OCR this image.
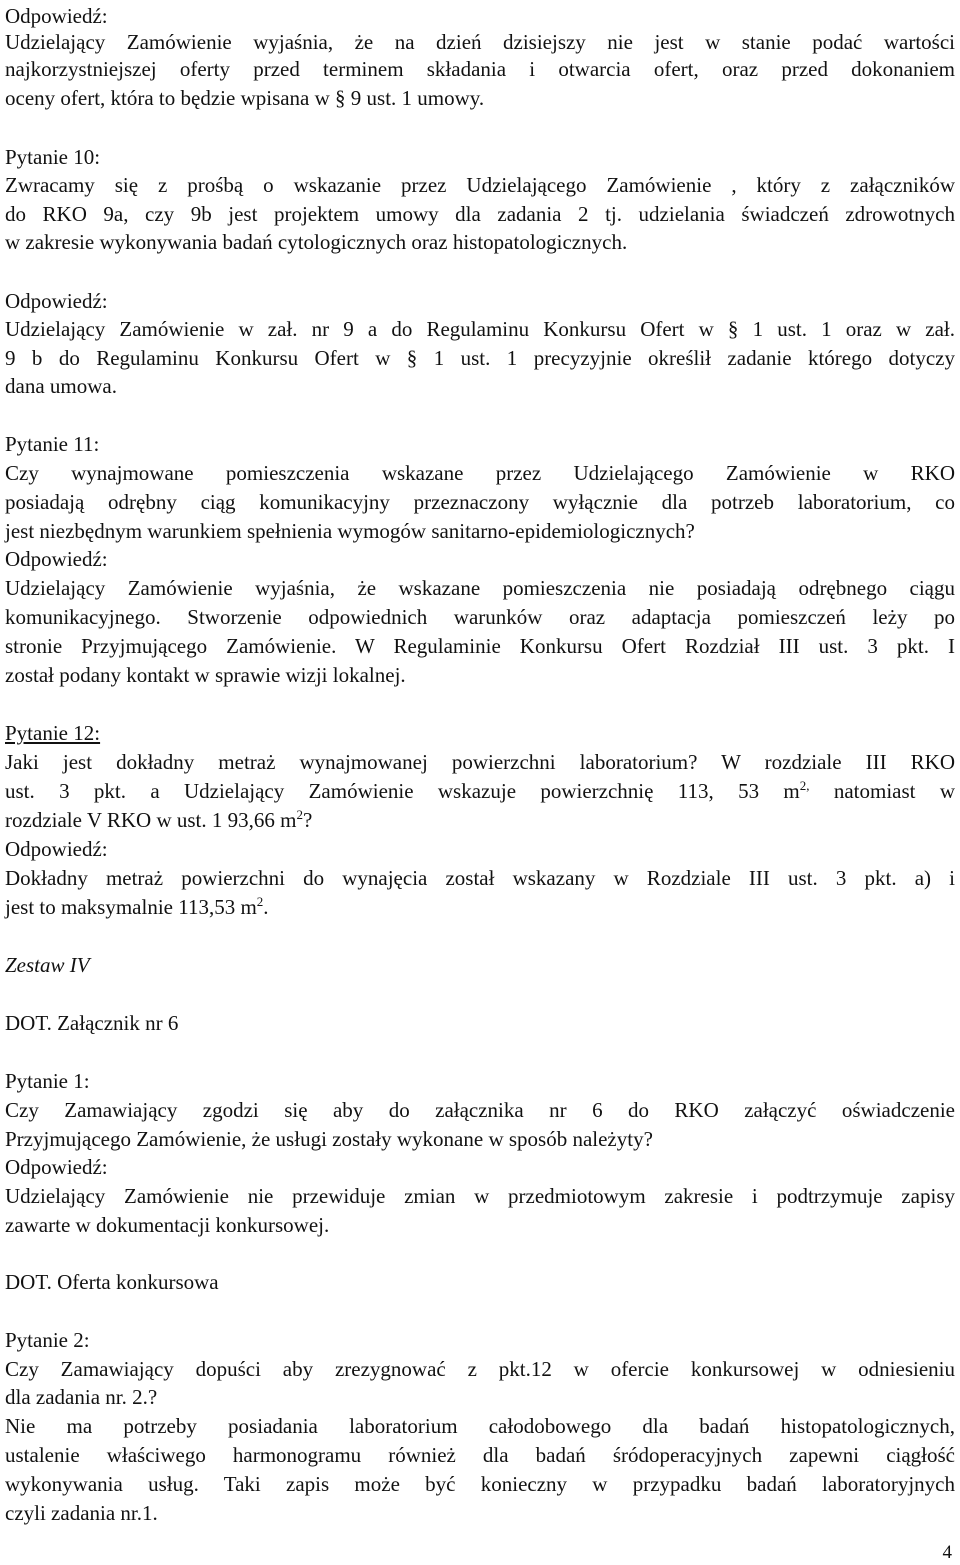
Odpowiedź:
Udzielający Zamówienie wyjaśnia, że na dzień dzisiejszy nie jest w stanie podać wartości
najkorzystniejszej oferty przed terminem składania i otwarcia ofert, oraz przed dokonaniem
oceny ofert, która to będzie wpisana w § 9 ust. 1 umowy.
Pytanie 10:
Zwracamy się z prośbą o wskazanie przez Udzielającego Zamówienie , który z załączników
do RKO 9a, czy 9b jest projektem umowy dla zadania 2 tj. udzielania świadczeń zdrowotnych
w zakresie wykonywania badań cytologicznych oraz histopatologicznych.
Odpowiedź:
Udzielający Zamówienie w zał. nr 9 a do Regulaminu Konkursu Ofert w § 1 ust. 1 oraz w zał.
9 b do Regulaminu Konkursu Ofert w § 1 ust. 1 precyzyjnie określił zadanie którego dotyczy
dana umowa.
Pytanie 11:
Czy wynajmowane pomieszczenia wskazane przez Udzielającego Zamówienie w RKO
posiadają odrębny ciąg komunikacyjny przeznaczony wyłącznie dla potrzeb laboratorium, co
jest niezbędnym warunkiem spełnienia wymogów sanitarno-epidemiologicznych?
Odpowiedź:
Udzielający Zamówienie wyjaśnia, że wskazane pomieszczenia nie posiadają odrębnego ciągu
komunikacyjnego. Stworzenie odpowiednich warunków oraz adaptacja pomieszczeń leży po
stronie Przyjmującego Zamówienie. W Regulaminie Konkursu Ofert Rozdział III ust. 3 pkt. I
został podany kontakt w sprawie wizji lokalnej.
Pytanie 12:
Jaki jest dokładny metraż wynajmowanej powierzchni laboratorium? W rozdziale III RKO
ust. 3 pkt. a Udzielający Zamówienie wskazuje powierzchnię 113, 53 $m^{2,}$ natomiast w
rozdziale V RKO w ust. 1 93,66 $m^2$?
Odpowiedź:
Dokładny metraż powierzchni do wynajęcia został wskazany w Rozdziale III ust. 3 pkt. a) i
jest to maksymalnie 113,53 $m^2$.
Zestaw IV
DOT. Załącznik nr 6
Pytanie 1:
Czy Zamawiający zgodzi się aby do załącznika nr 6 do RKO załączyć oświadczenie
Przyjmującego Zamówienie, że usługi zostały wykonane w sposób należyty?
Odpowiedź:
Udzielający Zamówienie nie przewiduje zmian w przedmiotowym zakresie i podtrzymuje zapisy
zawarte w dokumentacji konkursowej.
DOT. Oferta konkursowa
Pytanie 2:
Czy Zamawiający dopuści aby zrezygnować z pkt.12 w ofercie konkursowej w odniesieniu
dla zadania nr. 2.?
Nie ma potrzeby posiadania laboratorium całodobowego dla badań histopatologicznych,
ustalenie właściwego harmonogramu również dla badań śródoperacyjnych zapewni ciągłość
wykonywania usług. Taki zapis może być konieczny w przypadku badań laboratoryjnych
czyli zadania nr.1.
4
